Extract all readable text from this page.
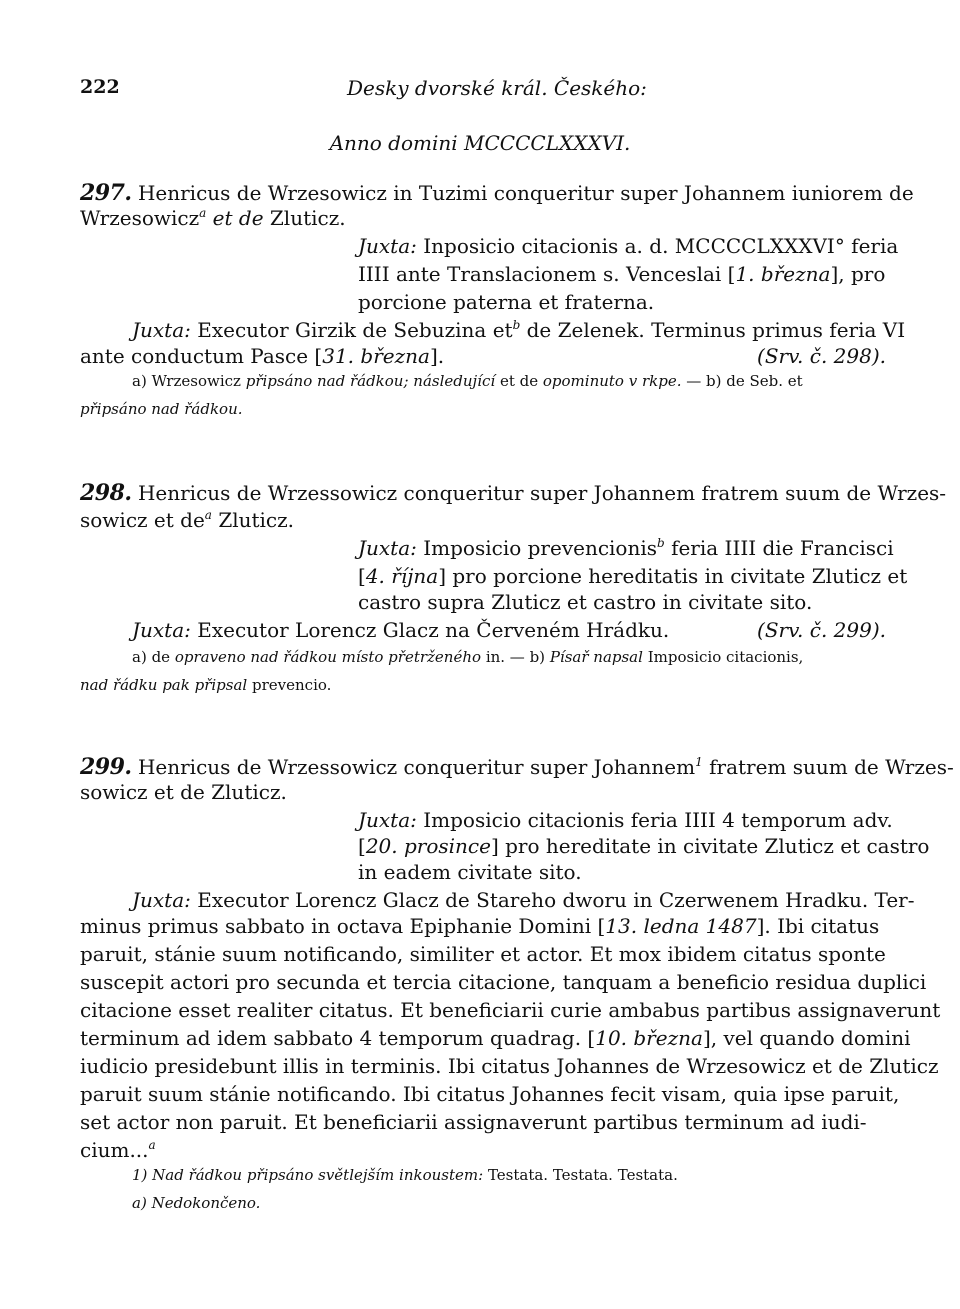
222	Desky dvorské král. Českého:
Anno domini MCCCCLXXXVI.
297. Henricus de Wrzesowicz in Tuzimi conqueritur super Johannem iuniorem de
Wrzesowicz$^a$ et de Zluticz.
Juxta: Inposicio citacionis a. d. MCCCCLXXXVI° feria
IIII ante Translacionem s. Venceslai [1. března], pro
porcione paterna et fraterna.
Juxta: Executor Girzik de Sebuzina $et^b$ de Zelenek. Terminus primus feria VI
ante conductum Pasce [31. března].	(Srv. č. 298).
a) Wrzesowicz připsáno nad řádkou; následující et de opominuto v rkpe. — b) de Seb. et
připsáno nad řádkou.
298. Henricus de Wrzessowicz conqueritur super Johannem fratrem suum de Wrzes-
sowicz et $de^a$ Zluticz.
Juxta: Imposicio prevencionis$^b$ feria IIII die Francisci
[4. října] pro porcione hereditatis in civitate Zluticz et
castro supra Zluticz et castro in civitate sito.
Juxta: Executor Lorencz Glacz na Červeném Hrádku.	(Srv. č. 299).
a) de opraveno nad řádkou místo přetrženého in. — b) Písař napsal Imposicio citacionis,
nad řádku pak připsal prevencio.
299. Henricus de Wrzessowicz conqueritur super Johannem$^1$ fratrem suum de Wrzes-
sowicz et de Zluticz.
Juxta: Imposicio citacionis feria IIII 4 temporum adv.
[20. prosince] pro hereditate in civitate Zluticz et castro
in eadem civitate sito.
Juxta: Executor Lorencz Glacz de Stareho dworu in Czerwenem Hradku. Ter-
minus primus sabbato in octava Epiphanie Domini [13. ledna 1487]. Ibi citatus
paruit, stánie suum notificando, similiter et actor. Et mox ibidem citatus sponte
suscepit actori pro secunda et tercia citacione, tanquam a beneficio residua duplici
citacione esset realiter citatus. Et beneficiarii curie ambabus partibus assignaverunt
terminum ad idem sabbato 4 temporum quadrag. [10. března], vel quando domini
iudicio presidebunt illis in terminis. Ibi citatus Johannes de Wrzesowicz et de Zluticz
paruit suum stánie notificando. Ibi citatus Johannes fecit visam, quia ipse paruit,
set actor non paruit. Et beneficiarii assignaverunt partibus terminum ad iudi-
cium...$^a$
1) Nad řádkou připsáno světlejším inkoustem: Testata. Testata. Testata.
a) Nedokončeno.
